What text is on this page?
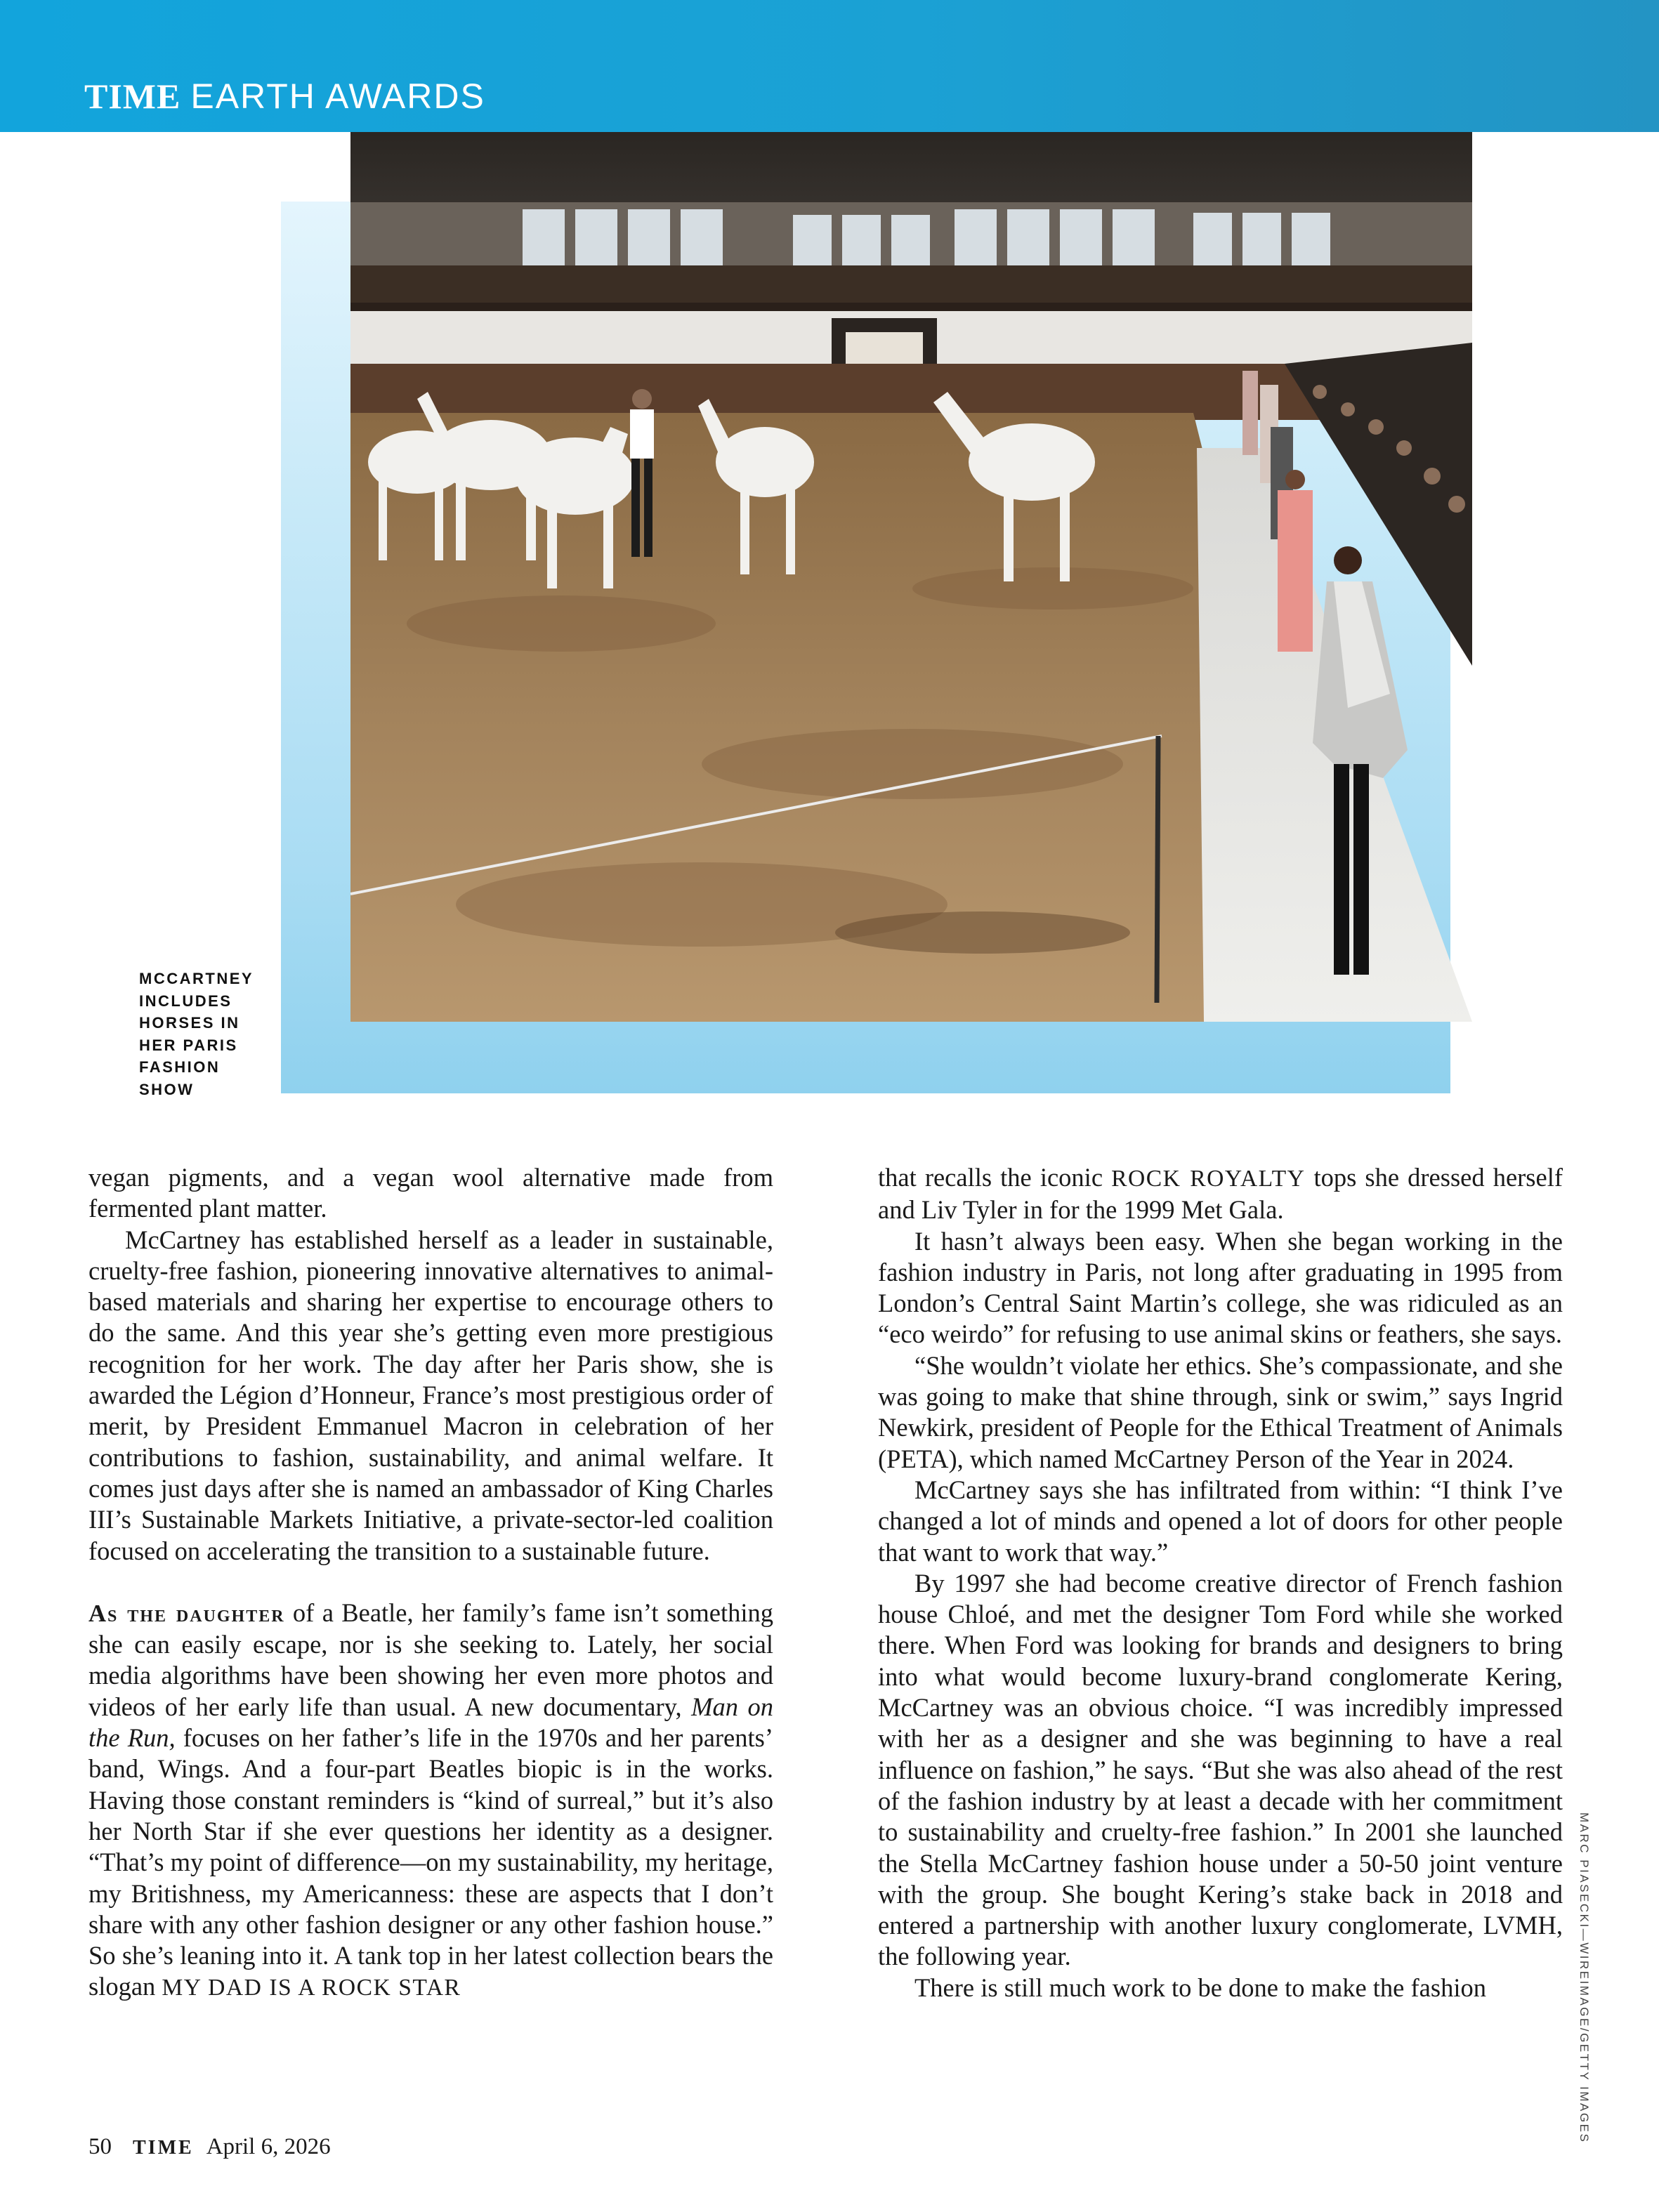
TIME EARTH AWARDS
MCCARTNEY
INCLUDES
HORSES IN
HER PARIS
FASHION
SHOW
MARC PIASECKI—WIREIMAGE/GETTY IMAGES

vegan pigments, and a vegan wool alternative made from fermented plant matter.

McCartney has established herself as a leader in sustainable, cruelty-free fashion, pioneering innovative alternatives to animal-based materials and sharing her expertise to encourage others to do the same. And this year she’s getting even more prestigious recognition for her work. The day after her Paris show, she is awarded the Légion d’Honneur, France’s most prestigious order of merit, by President Emmanuel Macron in celebration of her contributions to fashion, sustainability, and animal welfare. It comes just days after she is named an ambassador of King Charles III’s Sustainable Markets Initiative, a private-sector-led coalition focused on accelerating the transition to a sustainable future.

As the daughter of a Beatle, her family’s fame isn’t something she can easily escape, nor is she seeking to. Lately, her social media algorithms have been showing her even more photos and videos of her early life than usual. A new documentary, Man on the Run, focuses on her father’s life in the 1970s and her parents’ band, Wings. And a four-part Beatles biopic is in the works. Having those constant reminders is “kind of surreal,” but it’s also her North Star if she ever questions her identity as a designer. “That’s my point of difference—on my sustainability, my heritage, my Britishness, my Americanness: these are aspects that I don’t share with any other fashion designer or any other fashion house.” So she’s leaning into it. A tank top in her latest collection bears the slogan MY DAD IS A ROCK STAR

that recalls the iconic ROCK ROYALTY tops she dressed herself and Liv Tyler in for the 1999 Met Gala.

It hasn’t always been easy. When she began working in the fashion industry in Paris, not long after graduating in 1995 from London’s Central Saint Martin’s college, she was ridiculed as an “eco weirdo” for refusing to use animal skins or feathers, she says.

“She wouldn’t violate her ethics. She’s compassionate, and she was going to make that shine through, sink or swim,” says Ingrid Newkirk, president of People for the Ethical Treatment of Animals (PETA), which named McCartney Person of the Year in 2024.

McCartney says she has infiltrated from within: “I think I’ve changed a lot of minds and opened a lot of doors for other people that want to work that way.”

By 1997 she had become creative director of French fashion house Chloé, and met the designer Tom Ford while she worked there. When Ford was looking for brands and designers to bring into what would become luxury-brand conglomerate Kering, McCartney was an obvious choice. “I was incredibly impressed with her as a designer and she was beginning to have a real influence on fashion,” he says. “But she was also ahead of the rest of the fashion industry by at least a decade with her commitment to sustainability and cruelty-free fashion.” In 2001 she launched the Stella McCartney fashion house under a 50-50 joint venture with the group. She bought Kering’s stake back in 2018 and entered a partnership with another luxury conglomerate, LVMH, the following year.

There is still much work to be done to make the fashion

50 TIME April 6, 2026
